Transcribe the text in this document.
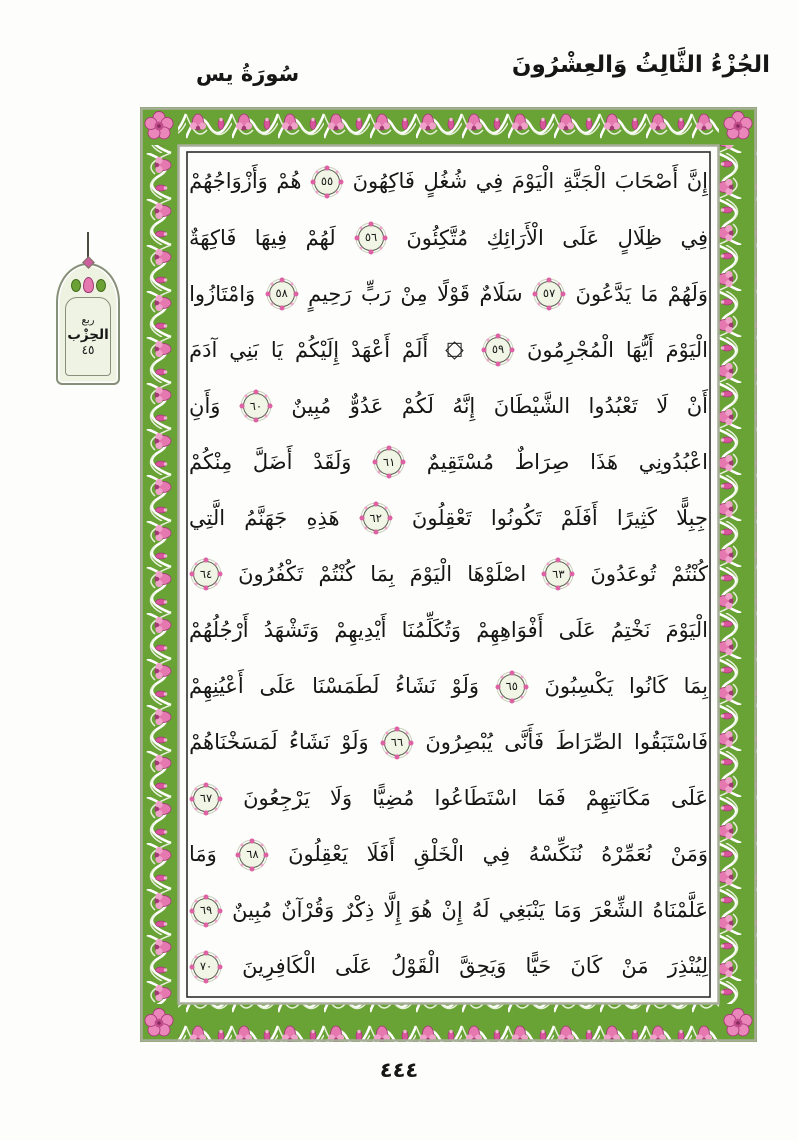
الجُزْءُ الثَّالِثُ وَالعِشْرُونَ
سُورَةُ يس
إِنَّ
أَصْحَابَ
الْجَنَّةِ
الْيَوْمَ
فِي
شُغُلٍ
فَاكِهُونَ
٥٥
هُمْ
وَأَزْوَاجُهُمْ
فِي
ظِلَالٍ
عَلَى
الْأَرَائِكِ
مُتَّكِئُونَ
٥٦
لَهُمْ
فِيهَا
فَاكِهَةٌ
وَلَهُمْ
مَا
يَدَّعُونَ
٥٧
سَلَامٌ
قَوْلًا
مِنْ
رَبٍّ
رَحِيمٍ
٥٨
وَامْتَازُوا
الْيَوْمَ
أَيُّهَا
الْمُجْرِمُونَ
٥٩
أَلَمْ
أَعْهَدْ
إِلَيْكُمْ
يَا
بَنِي
آدَمَ
أَنْ
لَا
تَعْبُدُوا
الشَّيْطَانَ
إِنَّهُ
لَكُمْ
عَدُوٌّ
مُبِينٌ
٦٠
وَأَنِ
اعْبُدُونِي
هَذَا
صِرَاطٌ
مُسْتَقِيمٌ
٦١
وَلَقَدْ
أَضَلَّ
مِنْكُمْ
جِبِلًّا
كَثِيرًا
أَفَلَمْ
تَكُونُوا
تَعْقِلُونَ
٦٢
هَذِهِ
جَهَنَّمُ
الَّتِي
كُنْتُمْ
تُوعَدُونَ
٦٣
اصْلَوْهَا
الْيَوْمَ
بِمَا
كُنْتُمْ
تَكْفُرُونَ
٦٤
الْيَوْمَ
نَخْتِمُ
عَلَى
أَفْوَاهِهِمْ
وَتُكَلِّمُنَا
أَيْدِيهِمْ
وَتَشْهَدُ
أَرْجُلُهُمْ
بِمَا
كَانُوا
يَكْسِبُونَ
٦٥
وَلَوْ
نَشَاءُ
لَطَمَسْنَا
عَلَى
أَعْيُنِهِمْ
فَاسْتَبَقُوا
الصِّرَاطَ
فَأَنَّى
يُبْصِرُونَ
٦٦
وَلَوْ
نَشَاءُ
لَمَسَخْنَاهُمْ
عَلَى
مَكَانَتِهِمْ
فَمَا
اسْتَطَاعُوا
مُضِيًّا
وَلَا
يَرْجِعُونَ
٦٧
وَمَنْ
نُعَمِّرْهُ
نُنَكِّسْهُ
فِي
الْخَلْقِ
أَفَلَا
يَعْقِلُونَ
٦٨
وَمَا
عَلَّمْنَاهُ
الشِّعْرَ
وَمَا
يَنْبَغِي
لَهُ
إِنْ
هُوَ
إِلَّا
ذِكْرٌ
وَقُرْآنٌ
مُبِينٌ
٦٩
لِيُنْذِرَ
مَنْ
كَانَ
حَيًّا
وَيَحِقَّ
الْقَوْلُ
عَلَى
الْكَافِرِينَ
٧٠
ربع
الحِزْب
٤٥
٤٤٤
